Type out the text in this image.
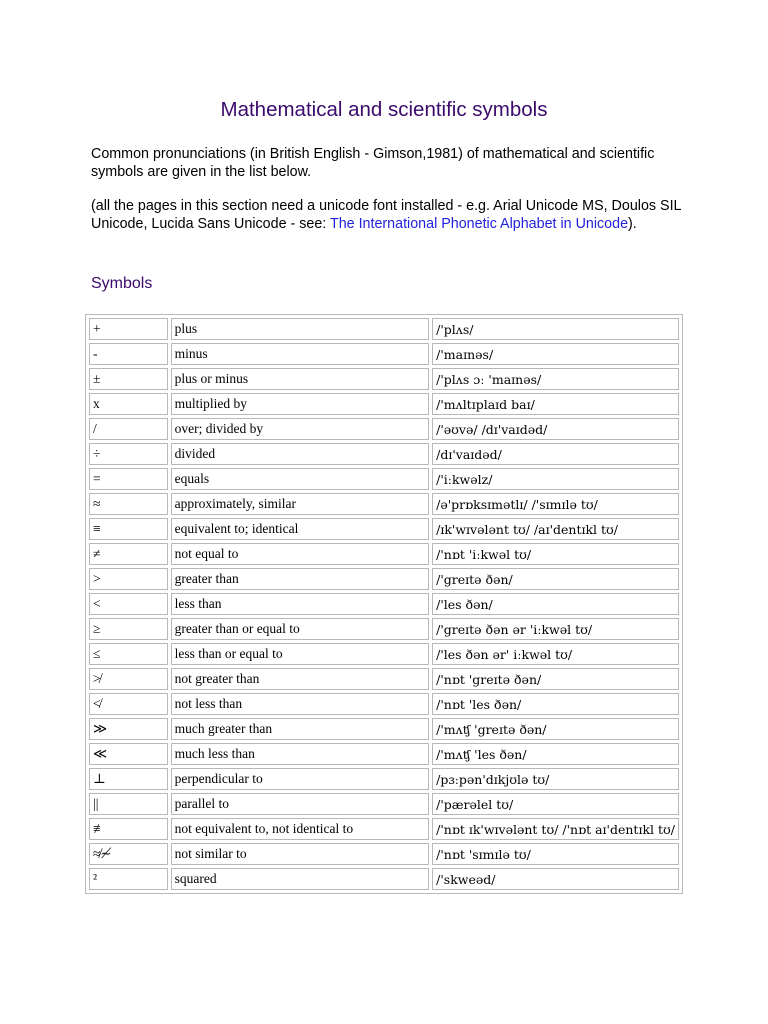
Mathematical and scientific symbols

Common pronunciations (in British English - Gimson,1981) of mathematical and scientific symbols are given in the list below.

(all the pages in this section need a unicode font installed - e.g. Arial Unicode MS, Doulos SIL Unicode, Lucida Sans Unicode - see: The International Phonetic Alphabet in Unicode).

Symbols
+	plus	/'plʌs/
-	minus	/'maɪnəs/
±	plus or minus	/'plʌs ɔː 'maɪnəs/
x	multiplied by	/'mʌltɪplaɪd baɪ/
/	over; divided by	/'əʊvə/ /dɪ'vaɪdəd/
÷	divided	/dɪ'vaɪdəd/
=	equals	/'iːkwəlz/
≈	approximately, similar	/ə'prɒksɪmətlɪ/ /'sɪmɪlə tʊ/
≡	equivalent to; identical	/ɪk'wɪvələnt tʊ/ /aɪ'dentɪkl tʊ/
≠	not equal to	/'nɒt 'iːkwəl tʊ/
>	greater than	/'greɪtə ðən/
<	less than	/'les ðən/
≥	greater than or equal to	/'greɪtə ðən ər 'iːkwəl tʊ/
≤	less than or equal to	/'les ðən ər' iːkwəl tʊ/
≯	not greater than	/'nɒt 'greɪtə ðən/
≮	not less than	/'nɒt 'les ðən/
≫	much greater than	/'mʌʧ 'greɪtə ðən/
≪	much less than	/'mʌʧ 'les ðən/
⊥	perpendicular to	/pɜːpən'dɪkjʊlə tʊ/
||	parallel to	/'pærəlel tʊ/
≢	not equivalent to, not identical to	/'nɒt ɪk'wɪvələnt tʊ/ /'nɒt aɪ'dentɪkl tʊ/
≉≁	not similar to	/'nɒt 'sɪmɪlə tʊ/
²	squared	/'skweəd/
